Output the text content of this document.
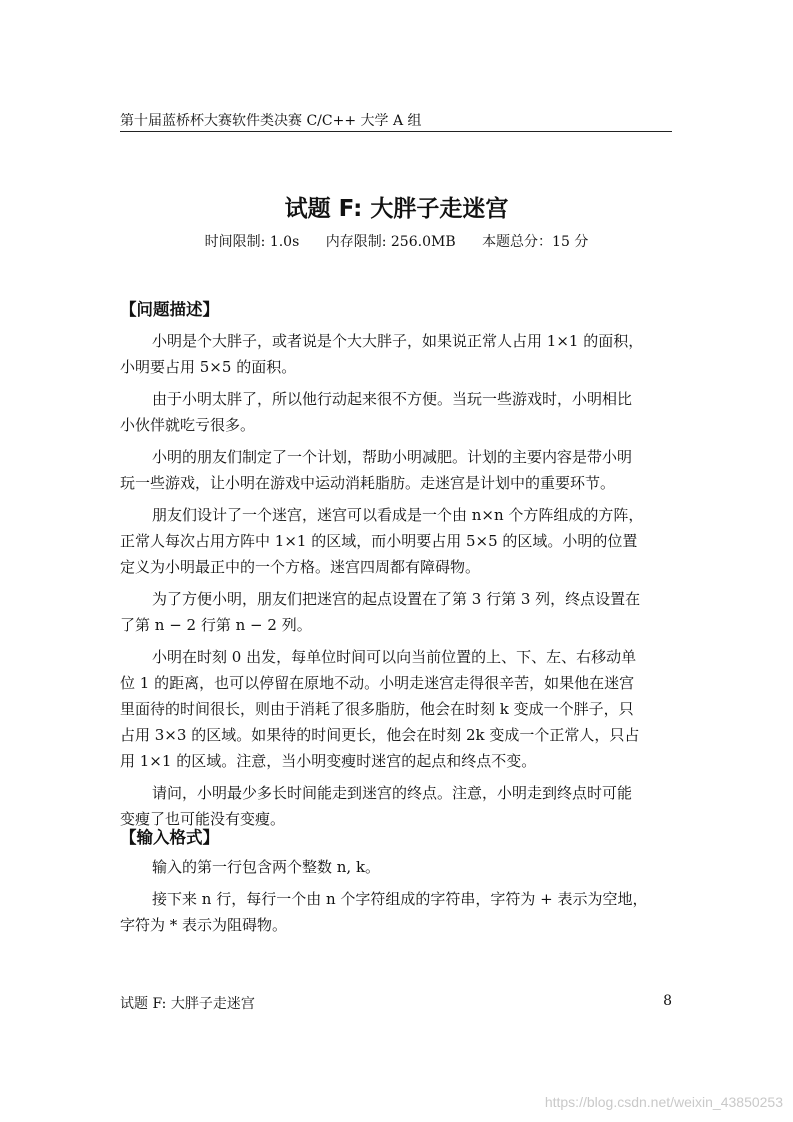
第十届蓝桥杯大赛软件类决赛 C/C++ 大学 A 组
试题 F: 大胖子走迷宫
时间限制: 1.0s 内存限制: 256.0MB 本题总分：15 分
【问题描述】
小明是个大胖子，或者说是个大大胖子，如果说正常人占用 1×1 的面积，
小明要占用 5×5 的面积。
由于小明太胖了，所以他行动起来很不方便。当玩一些游戏时，小明相比
小伙伴就吃亏很多。
小明的朋友们制定了一个计划，帮助小明减肥。计划的主要内容是带小明
玩一些游戏，让小明在游戏中运动消耗脂肪。走迷宫是计划中的重要环节。
朋友们设计了一个迷宫，迷宫可以看成是一个由 n×n 个方阵组成的方阵，
正常人每次占用方阵中 1×1 的区域，而小明要占用 5×5 的区域。小明的位置
定义为小明最正中的一个方格。迷宫四周都有障碍物。
为了方便小明，朋友们把迷宫的起点设置在了第 3 行第 3 列，终点设置在
了第 n − 2 行第 n − 2 列。
小明在时刻 0 出发，每单位时间可以向当前位置的上、下、左、右移动单
位 1 的距离，也可以停留在原地不动。小明走迷宫走得很辛苦，如果他在迷宫
里面待的时间很长，则由于消耗了很多脂肪，他会在时刻 k 变成一个胖子，只
占用 3×3 的区域。如果待的时间更长，他会在时刻 2k 变成一个正常人，只占
用 1×1 的区域。注意，当小明变瘦时迷宫的起点和终点不变。
请问，小明最少多长时间能走到迷宫的终点。注意，小明走到终点时可能
变瘦了也可能没有变瘦。
【输入格式】
输入的第一行包含两个整数 n, k。
接下来 n 行，每行一个由 n 个字符组成的字符串，字符为 + 表示为空地，
字符为 * 表示为阻碍物。
试题 F: 大胖子走迷宫	8
https://blog.csdn.net/weixin_43850253
